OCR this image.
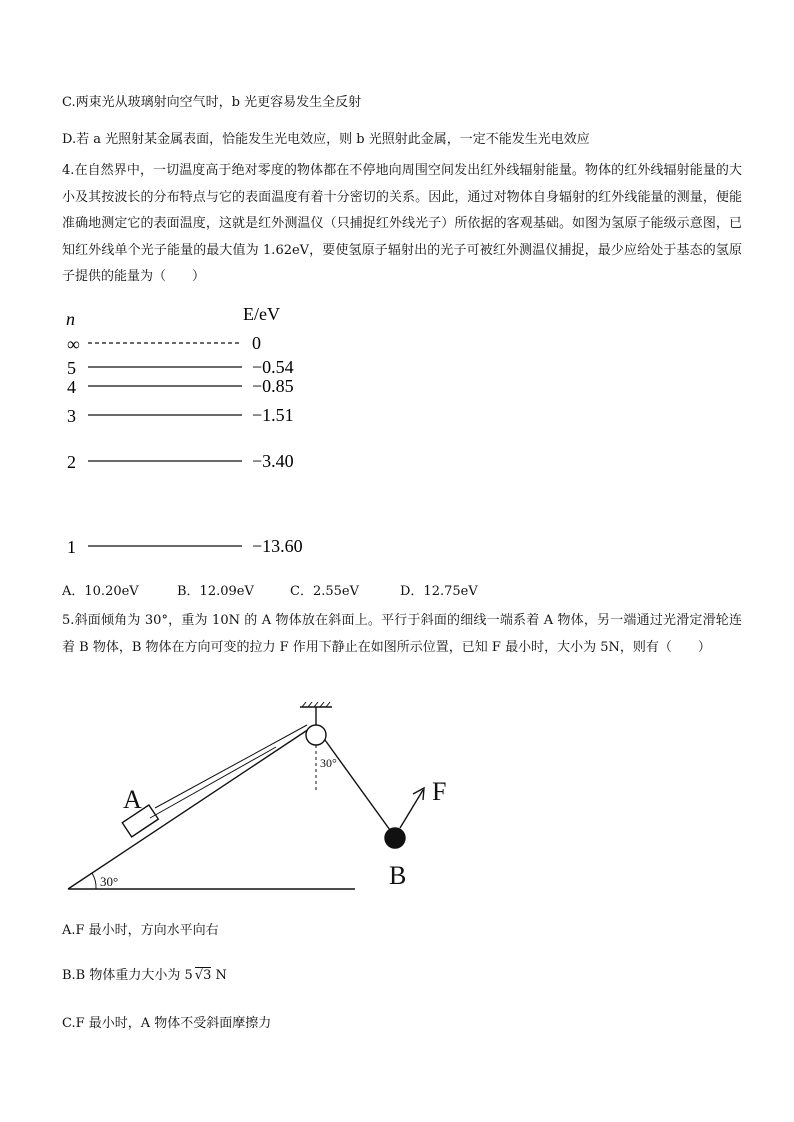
C.两束光从玻璃射向空气时，b 光更容易发生全反射
D.若 a 光照射某金属表面，恰能发生光电效应，则 b 光照射此金属，一定不能发生光电效应
4.在自然界中，一切温度高于绝对零度的物体都在不停地向周围空间发出红外线辐射能量。物体的红外线辐射能量的大小及其按波长的分布特点与它的表面温度有着十分密切的关系。因此，通过对物体自身辐射的红外线能量的测量，便能准确地测定它的表面温度，这就是红外测温仪（只捕捉红外线光子）所依据的客观基础。如图为氢原子能级示意图，已知红外线单个光子能量的最大值为 1.62eV，要使氢原子辐射出的光子可被红外测温仪捕捉，最少应给处于基态的氢原子提供的能量为（　　）
n	E/eV
∞	0
5	−0.54
4	−0.85
3	−1.51
2	−3.40
1	−13.60
A	F
B
30°
30°
A．10.20eV	B．12.09eV	C．2.55eV	D．12.75eV
5.斜面倾角为 30°，重为 10N 的 A 物体放在斜面上。平行于斜面的细线一端系着 A 物体，另一端通过光滑定滑轮连着 B 物体，B 物体在方向可变的拉力 F 作用下静止在如图所示位置，已知 F 最小时，大小为 5N，则有（　　）
A.F 最小时，方向水平向右
B.B 物体重力大小为 5 √3 N
C.F 最小时，A 物体不受斜面摩擦力
